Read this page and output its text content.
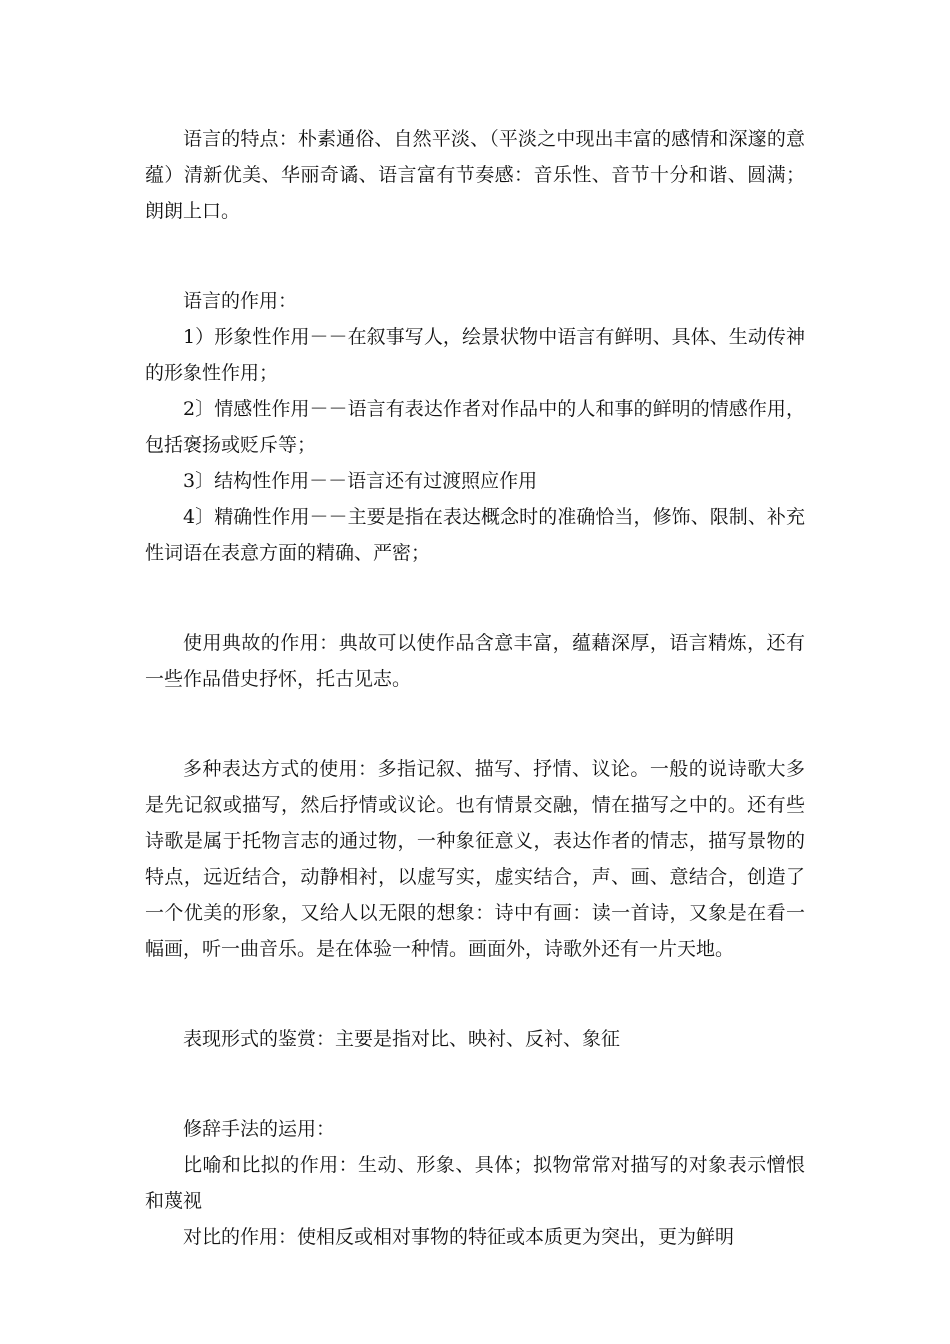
语言的特点：朴素通俗、自然平淡、（平淡之中现出丰富的感情和深邃的意蕴）清新优美、华丽奇谲、语言富有节奏感：音乐性、音节十分和谐、圆满；朗朗上口。

语言的作用：

1）形象性作用－－在叙事写人，绘景状物中语言有鲜明、具体、生动传神的形象性作用；

2〕情感性作用－－语言有表达作者对作品中的人和事的鲜明的情感作用，包括褒扬或贬斥等；

3〕结构性作用－－语言还有过渡照应作用

4〕精确性作用－－主要是指在表达概念时的准确恰当，修饰、限制、补充性词语在表意方面的精确、严密；

使用典故的作用：典故可以使作品含意丰富，蕴藉深厚，语言精炼，还有一些作品借史抒怀，托古见志。

多种表达方式的使用：多指记叙、描写、抒情、议论。一般的说诗歌大多是先记叙或描写，然后抒情或议论。也有情景交融，情在描写之中的。还有些诗歌是属于托物言志的通过物，一种象征意义，表达作者的情志，描写景物的特点，远近结合，动静相衬，以虚写实，虚实结合，声、画、意结合，创造了一个优美的形象，又给人以无限的想象：诗中有画：读一首诗，又象是在看一幅画，听一曲音乐。是在体验一种情。画面外，诗歌外还有一片天地。

表现形式的鉴赏：主要是指对比、映衬、反衬、象征

修辞手法的运用：

比喻和比拟的作用：生动、形象、具体；拟物常常对描写的对象表示憎恨和蔑视

对比的作用：使相反或相对事物的特征或本质更为突出，更为鲜明
